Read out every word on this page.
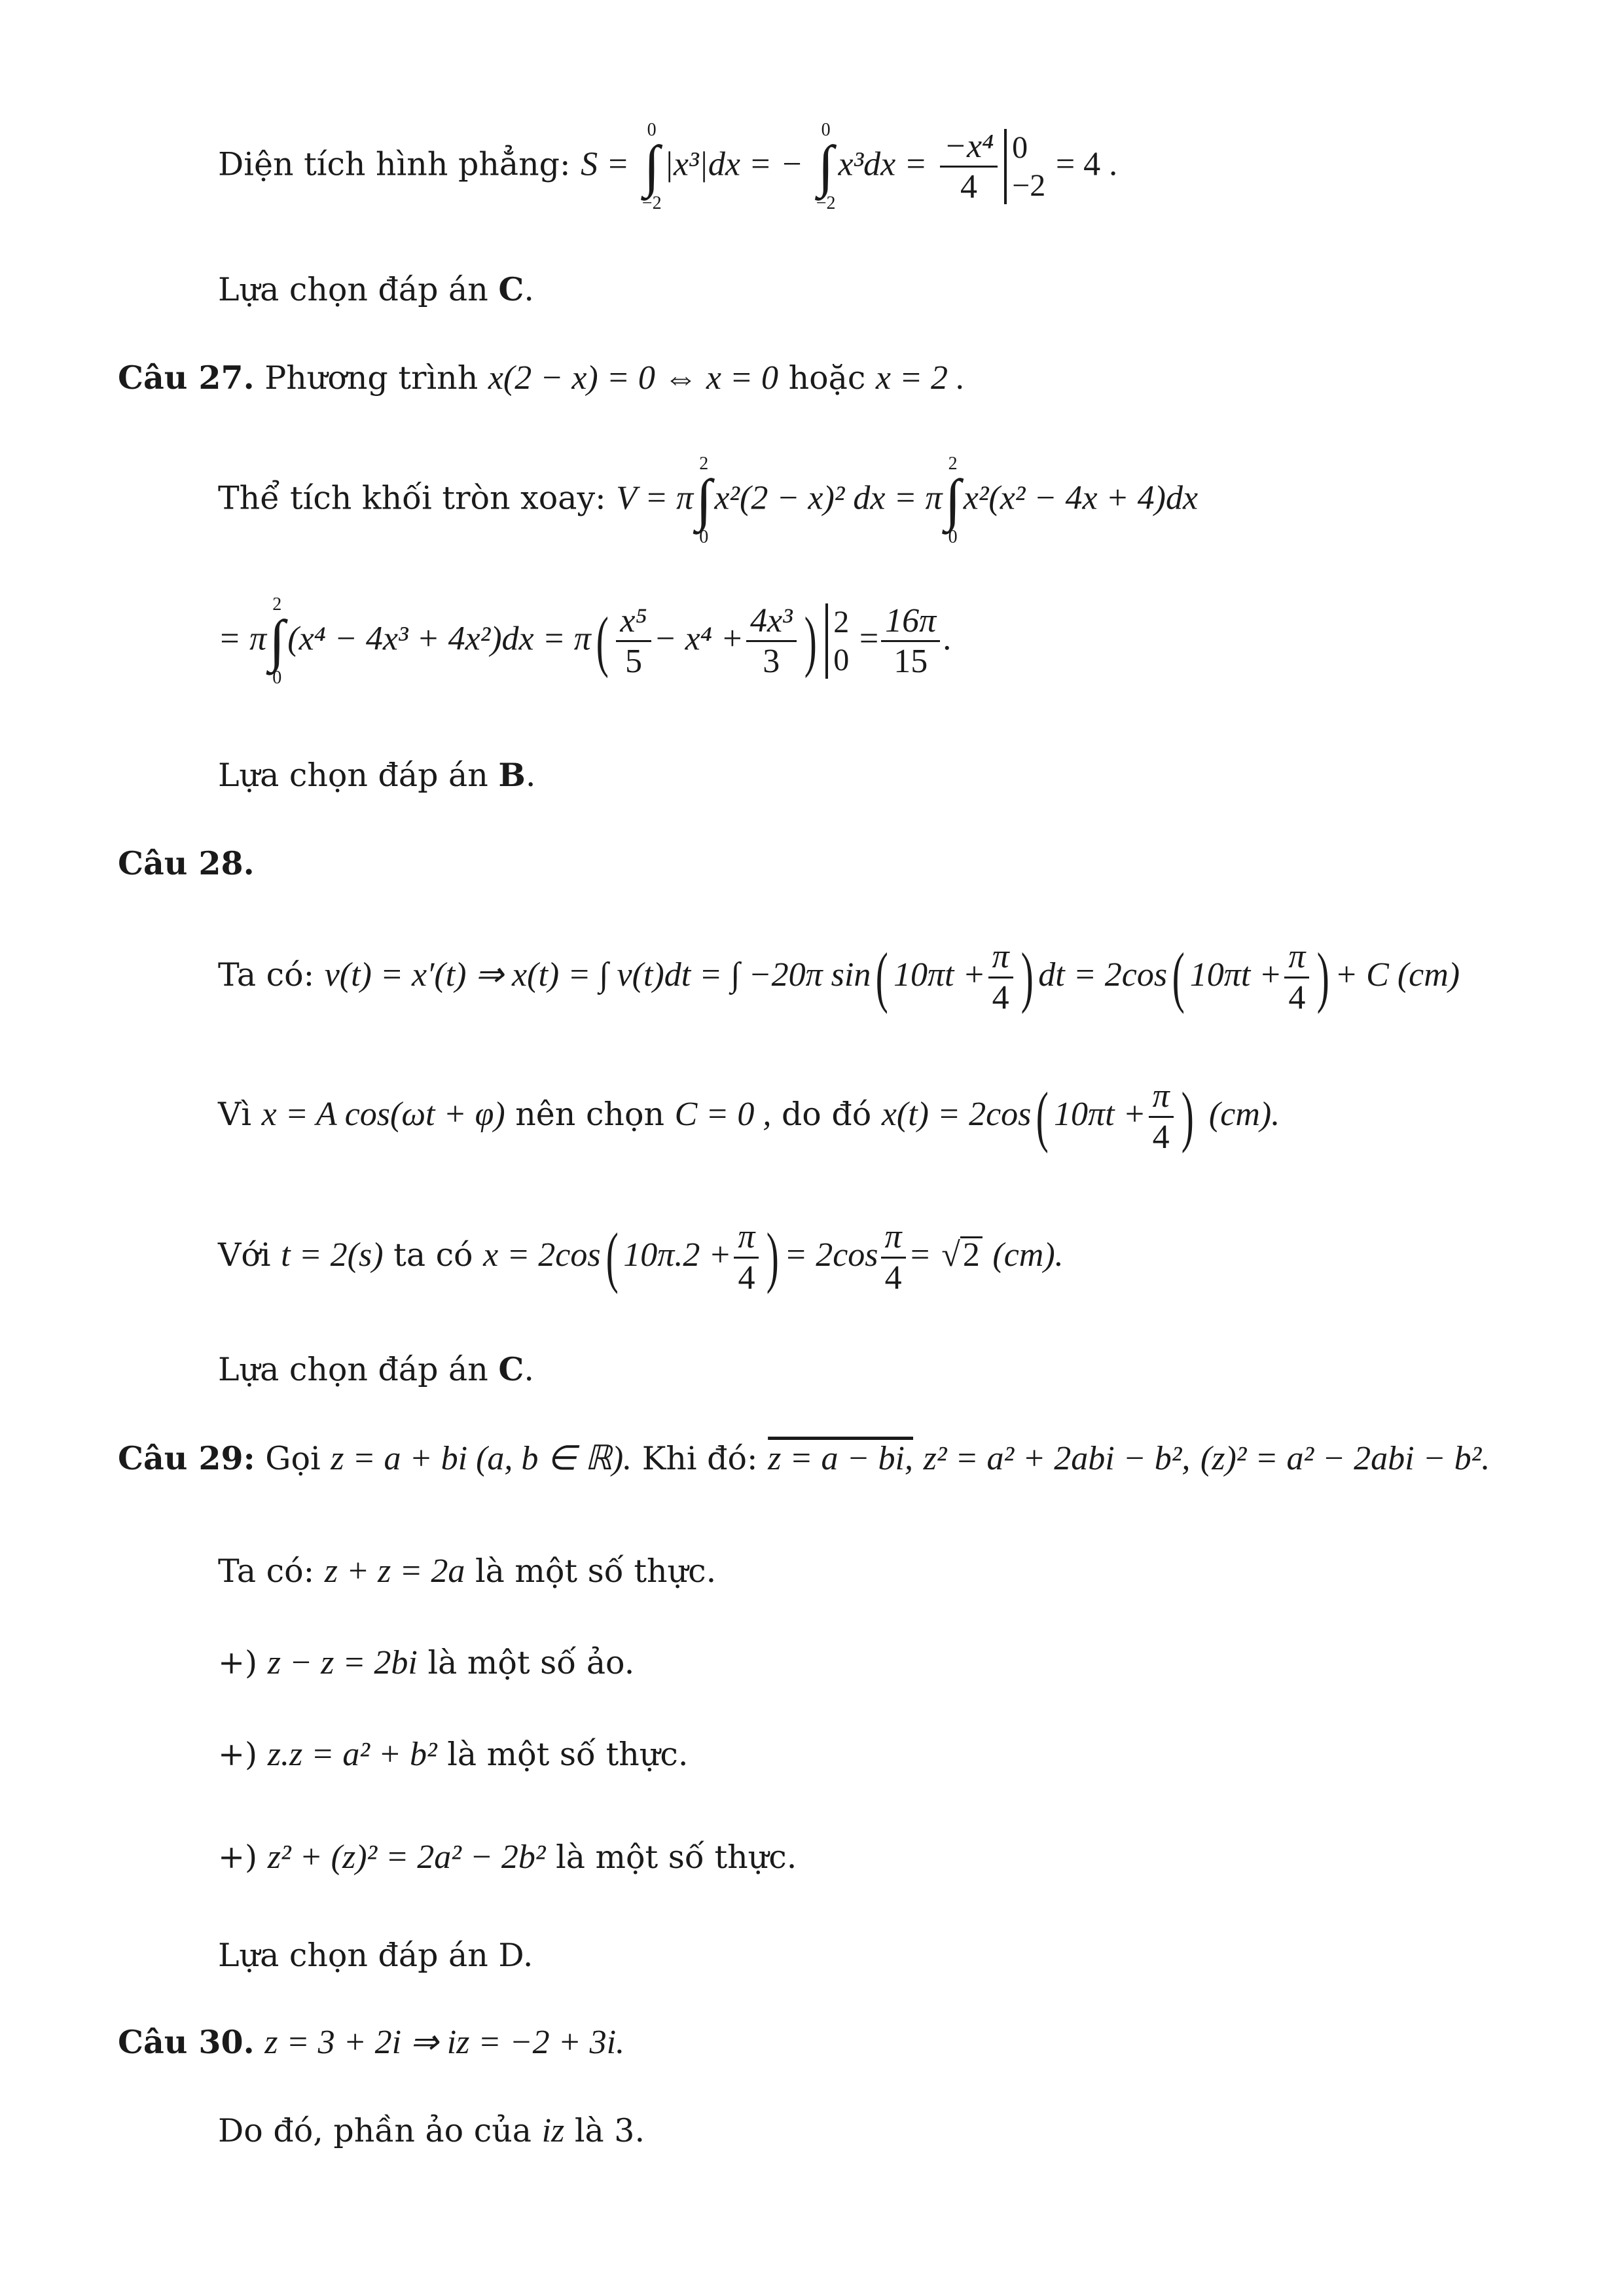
Diện tích hình phẳng: S =
0
∫
−2
|x³|dx = −
0
∫
−2
$x^3dx = \frac{\text{−x⁴}}{4} 0$
−2
= 4 .
Lựa chọn đáp án C.
Câu 27. Phương trình x(2 − x) = 0 ⇔ x = 0 hoặc x = 2 .
Thể tích khối tròn xoay: V = π
2
∫
0
x²(2 − x)² dx = π
2
∫
0
x²(x² − 4x + 4)dx
= π
2
∫
0
$(x^4 - 4x^3 + 4x^2)dx = \pi( \frac{\text{x⁵}}{5} - x^4 + \frac{\text{4x³}}{3}$ ) 2
0
= $\frac{16\pi}{15}$ .
Lựa chọn đáp án B.
Câu 28.
Ta có: v(t) = x′(t) ⇒ x(t) = ∫ v(t)dt = ∫ −20π sin( $10\pi t + \frac{\pi}{4}$ ) dt = 2cos( $10\pi t + \frac{\pi}{4}$ ) + C (cm)
Vì x = A cos(ωt + φ) nên chọn C = 0 , do đó x(t) = 2cos( $10\pi t + \frac{\pi}{4}$ ) (cm).
Với t = 2(s) ta có x = 2cos( $10\pi.2 + \frac{\pi}{4}$ ) = $2\cos \frac{\pi}{4} = √2$ (cm).
Lựa chọn đáp án C.
Câu 29: Gọi z = a + bi (a, b ∈ ℝ). Khi đó: z = a − bi, z² = a² + 2abi − b², (z)² = a² − 2abi − b².
Ta có: z + z = 2a là một số thực.
+) z − z = 2bi là một số ảo.
+) z.z = a² + b² là một số thực.
+) z² + (z)² = 2a² − 2b² là một số thực.
Lựa chọn đáp án D.
Câu 30. z = 3 + 2i ⇒ iz = −2 + 3i.
Do đó, phần ảo của iz là 3.
